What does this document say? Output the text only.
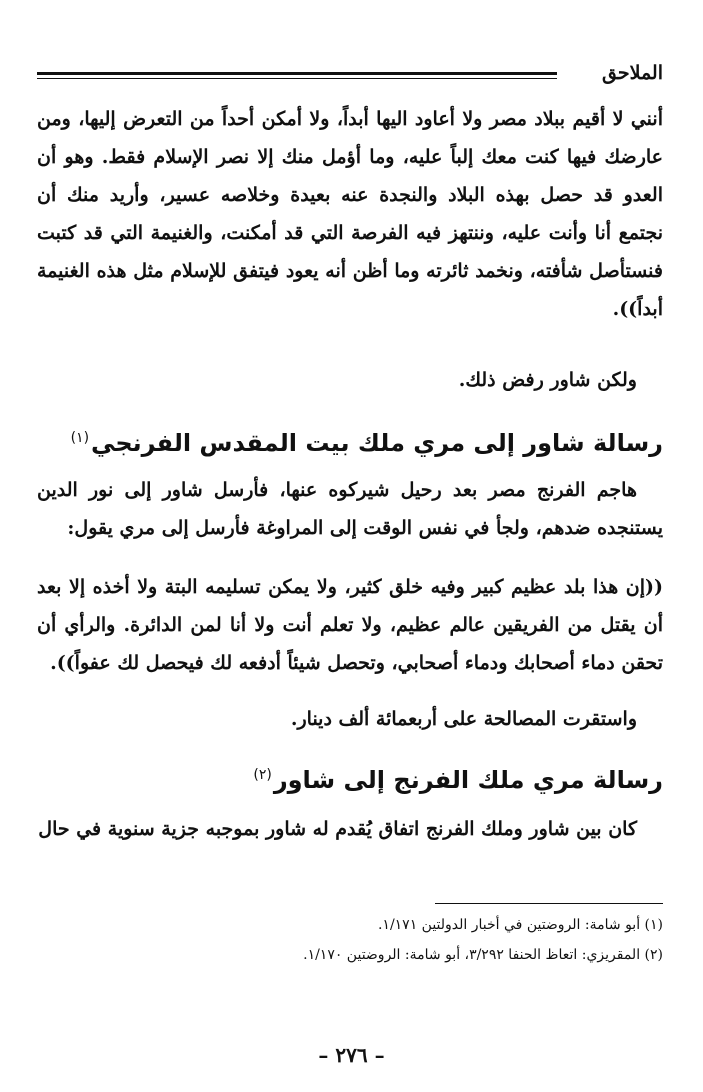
الملاحق

أنني لا أقيم ببلاد مصر ولا أعاود اليها أبداً، ولا أمكن أحداً من التعرض إليها، ومن عارضك فيها كنت معك إلباً عليه، وما أؤمل منك إلا نصر الإسلام فقط. وهو أن العدو قد حصل بهذه البلاد والنجدة عنه بعيدة وخلاصه عسير، وأريد منك أن نجتمع أنا وأنت عليه، وننتهز فيه الفرصة التي قد أمكنت، والغنيمة التي قد كتبت فنستأصل شأفته، ونخمد ثائرته وما أظن أنه يعود فيتفق للإسلام مثل هذه الغنيمة أبداً)).

ولكن شاور رفض ذلك.

رسالة شاور إلى مري ملك بيت المقدس الفرنجي$^{(١)}$

هاجم الفرنج مصر بعد رحيل شيركوه عنها، فأرسل شاور إلى نور الدين يستنجده ضدهم، ولجأ في نفس الوقت إلى المراوغة فأرسل إلى مري يقول:

((إن هذا بلد عظيم كبير وفيه خلق كثير، ولا يمكن تسليمه البتة ولا أخذه إلا بعد أن يقتل من الفريقين عالم عظيم، ولا تعلم أنت ولا أنا لمن الدائرة. والرأي أن تحقن دماء أصحابك ودماء أصحابي، وتحصل شيئاً أدفعه لك فيحصل لك عفواً)).

واستقرت المصالحة على أربعمائة ألف دينار.

رسالة مري ملك الفرنج إلى شاور$^{(٢)}$

كان بين شاور وملك الفرنج اتفاق يُقدم له شاور بموجبه جزية سنوية في حال

(١) أبو شامة: الروضتين في أخبار الدولتين ١/١٧١.

(٢) المقريزي: اتعاظ الحنفا ٣/٢٩٢، أبو شامة: الروضتين ١/١٧٠.

– ٢٧٦ –
